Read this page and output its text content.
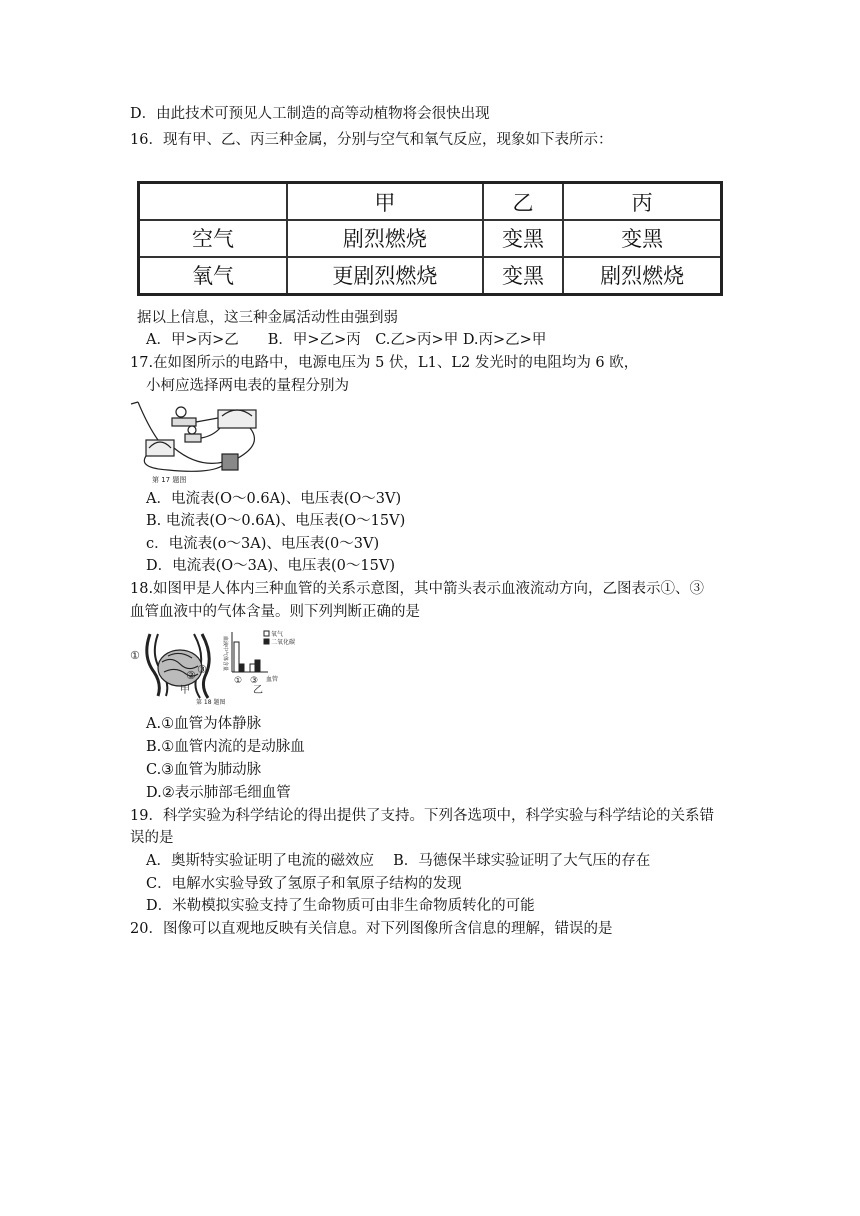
D．由此技术可预见人工制造的高等动植物将会很快出现
16．现有甲、乙、丙三种金属，分别与空气和氧气反应，现象如下表所示：
	甲	乙	丙
空气	剧烈燃烧	变黑	变黑
氧气	更剧烈燃烧	变黑	剧烈燃烧
据以上信息，这三种金属活动性由强到弱
A．甲>丙>乙　　B．甲>乙>丙　C.乙>丙>甲 D.丙>乙>甲
17.在如图所示的电路中，电源电压为 5 伏，L1、L2 发光时的电阻均为 6 欧，
小柯应选择两电表的量程分别为
第 17 题图
A．电流表(O～0.6A)、电压表(O～3V)
B. 电流表(O～0.6A)、电压表(O～15V)
c．电流表(o～3A)、电压表(0～3V)
D．电流表(O～3A)、电压表(0～15V)
18.如图甲是人体内三种血管的关系示意图，其中箭头表示血液流动方向，乙图表示①、③
血管血液中的气体含量。则下列判断正确的是
①
② ③
甲
血液中气体含量
氧气
二氧化碳
① ③ 血管
乙
第 18 题图
A.①血管为体静脉
B.①血管内流的是动脉血
C.③血管为肺动脉
D.②表示肺部毛细血管
19．科学实验为科学结论的得出提供了支持。下列各选项中，科学实验与科学结论的关系错
误的是
A．奥斯特实验证明了电流的磁效应　 B．马德保半球实验证明了大气压的存在
C．电解水实验导致了氢原子和氧原子结构的发现
D．米勒模拟实验支持了生命物质可由非生命物质转化的可能
20．图像可以直观地反映有关信息。对下列图像所含信息的理解，错误的是
